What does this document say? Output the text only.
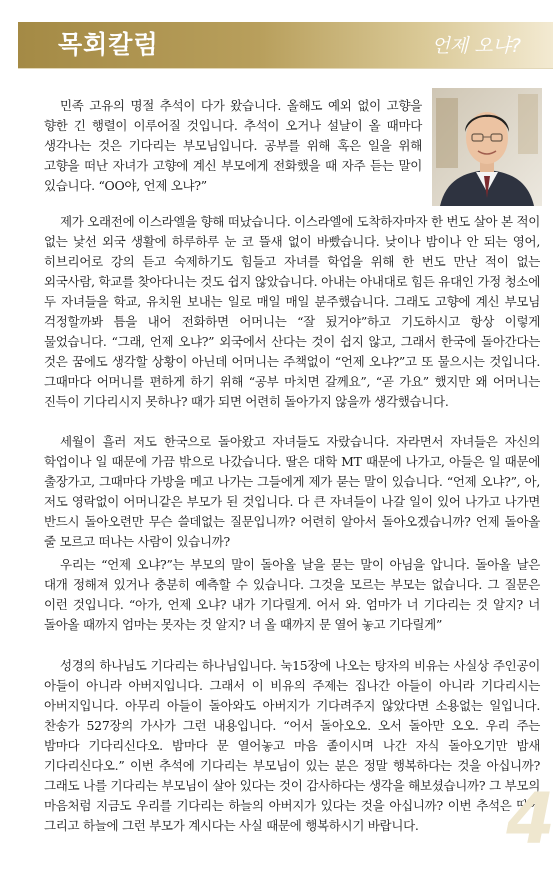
목회칼럼	언제 오냐?

민족 고유의 명절 추석이 다가 왔습니다. 올해도 예외 없이 고향을 향한 긴 행렬이 이루어질 것입니다. 추석이 오거나 설날이 올 때마다 생각나는 것은 기다리는 부모님입니다. 공부를 위해 혹은 일을 위해 고향을 떠난 자녀가 고향에 계신 부모에게 전화했을 때 자주 듣는 말이 있습니다. “OO야, 언제 오냐?”

제가 오래전에 이스라엘을 향해 떠났습니다. 이스라엘에 도착하자마자 한 번도 살아 본 적이 없는 낯선 외국 생활에 하루하루 눈 코 뜰새 없이 바빴습니다. 낮이나 밤이나 안 되는 영어, 히브리어로 강의 듣고 숙제하기도 힘들고 자녀를 학업을 위해 한 번도 만난 적이 없는 외국사람, 학교를 찾아다니는 것도 쉽지 않았습니다. 아내는 아내대로 힘든 유대인 가정 청소에 두 자녀들을 학교, 유치원 보내는 일로 매일 매일 분주했습니다. 그래도 고향에 계신 부모님 걱정할까봐 틈을 내어 전화하면 어머니는 “잘 됬거야”하고 기도하시고 항상 이렇게 물었습니다. “그래, 언제 오냐?” 외국에서 산다는 것이 쉽지 않고, 그래서 한국에 돌아간다는 것은 꿈에도 생각할 상황이 아닌데 어머니는 주책없이 “언제 오냐?”고 또 물으시는 것입니다. 그때마다 어머니를 편하게 하기 위해 “공부 마치면 갈께요”, “곧 가요” 했지만 왜 어머니는 진득이 기다리시지 못하나? 때가 되면 어련히 돌아가지 않을까 생각했습니다.

세월이 흘러 저도 한국으로 돌아왔고 자녀들도 자랐습니다. 자라면서 자녀들은 자신의 학업이나 일 때문에 가끔 밖으로 나갔습니다. 딸은 대학 MT 때문에 나가고, 아들은 일 때문에 출장가고, 그때마다 가방을 메고 나가는 그들에게 제가 묻는 말이 있습니다. “언제 오냐?”, 아, 저도 영락없이 어머니같은 부모가 된 것입니다. 다 큰 자녀들이 나갈 일이 있어 나가고 나가면 반드시 돌아오련만 무슨 쓸데없는 질문입니까? 어련히 알아서 돌아오겠습니까? 언제 돌아올 줄 모르고 떠나는 사람이 있습니까?

우리는 “언제 오냐?”는 부모의 말이 돌아올 날을 묻는 말이 아님을 압니다. 돌아올 날은 대개 정해져 있거나 충분히 예측할 수 있습니다. 그것을 모르는 부모는 없습니다. 그 질문은 이런 것입니다. “아가, 언제 오냐? 내가 기다릴게. 어서 와. 엄마가 너 기다리는 것 알지? 너 돌아올 때까지 엄마는 못자는 것 알지? 너 올 때까지 문 열어 놓고 기다릴게”

성경의 하나님도 기다리는 하나님입니다. 눅15장에 나오는 탕자의 비유는 사실상 주인공이 아들이 아니라 아버지입니다. 그래서 이 비유의 주제는 집나간 아들이 아니라 기다리시는 아버지입니다. 아무리 아들이 돌아와도 아버지가 기다려주지 않았다면 소용없는 일입니다. 찬송가 527장의 가사가 그런 내용입니다. “어서 돌아오오. 오서 돌아만 오오. 우리 주는 밤마다 기다리신다오. 밤마다 문 열어놓고 마음 졸이시며 나간 자식 돌아오기만 밤새 기다리신다오.” 이번 추석에 기다리는 부모님이 있는 분은 정말 행복하다는 것을 아십니까? 그래도 나를 기다리는 부모님이 살아 있다는 것이 감사하다는 생각을 해보셨습니까? 그 부모의 마음처럼 지금도 우리를 기다리는 하늘의 아버지가 있다는 것을 아십니까? 이번 추석은 땅에 그리고 하늘에 그런 부모가 계시다는 사실 때문에 행복하시기 바랍니다.	4
